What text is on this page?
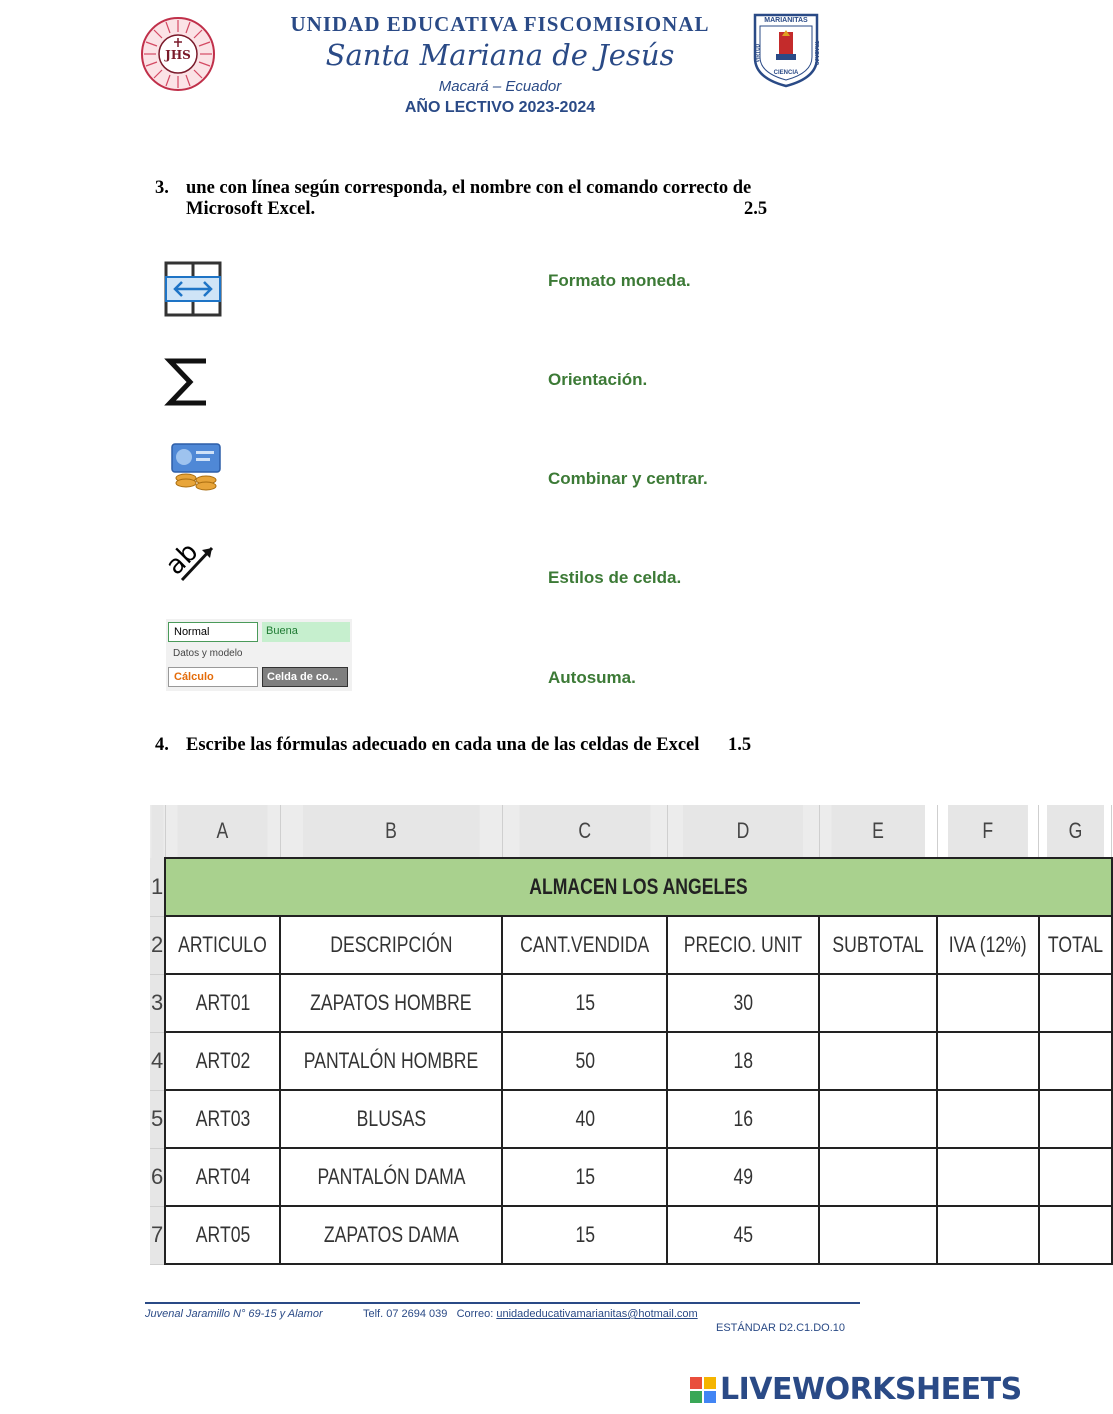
JHS
MARIANITAS
VIRTUD	TRABAJO
CIENCIA
UNIDAD EDUCATIVA FISCOMISIONAL
Santa Mariana de Jesús
Macará – Ecuador
AÑO LECTIVO 2023-2024
3. une con línea según corresponda, el nombre con el comando correcto de
Microsoft Excel.	2.5
ab
Normal	Buena
Datos y modelo
Cálculo	Celda de co...
Formato moneda.
Orientación.
Combinar y centrar.
Estilos de celda.
Autosuma.
4. Escribe las fórmulas adecuado en cada una de las celdas de Excel 1.5
	A	B	C	D	E	F	G
1	ALMACEN LOS ANGELES						
2	ARTICULO	DESCRIPCIÓN	CANT.VENDIDA	PRECIO. UNIT	SUBTOTAL	IVA (12%)	TOTAL
3	ART01	ZAPATOS HOMBRE	15	30			
4	ART02	PANTALÓN HOMBRE	50	18			
5	ART03	BLUSAS	40	16			
6	ART04	PANTALÓN DAMA	15	49			
7	ART05	ZAPATOS DAMA	15	45			
Juvenal Jaramillo N° 69-15 y Alamor	Telf. 07 2694 039 Correo: unidadeducativamarianitas@hotmail.com
ESTÁNDAR D2.C1.DO.10
LIVEWORKSHEETS
